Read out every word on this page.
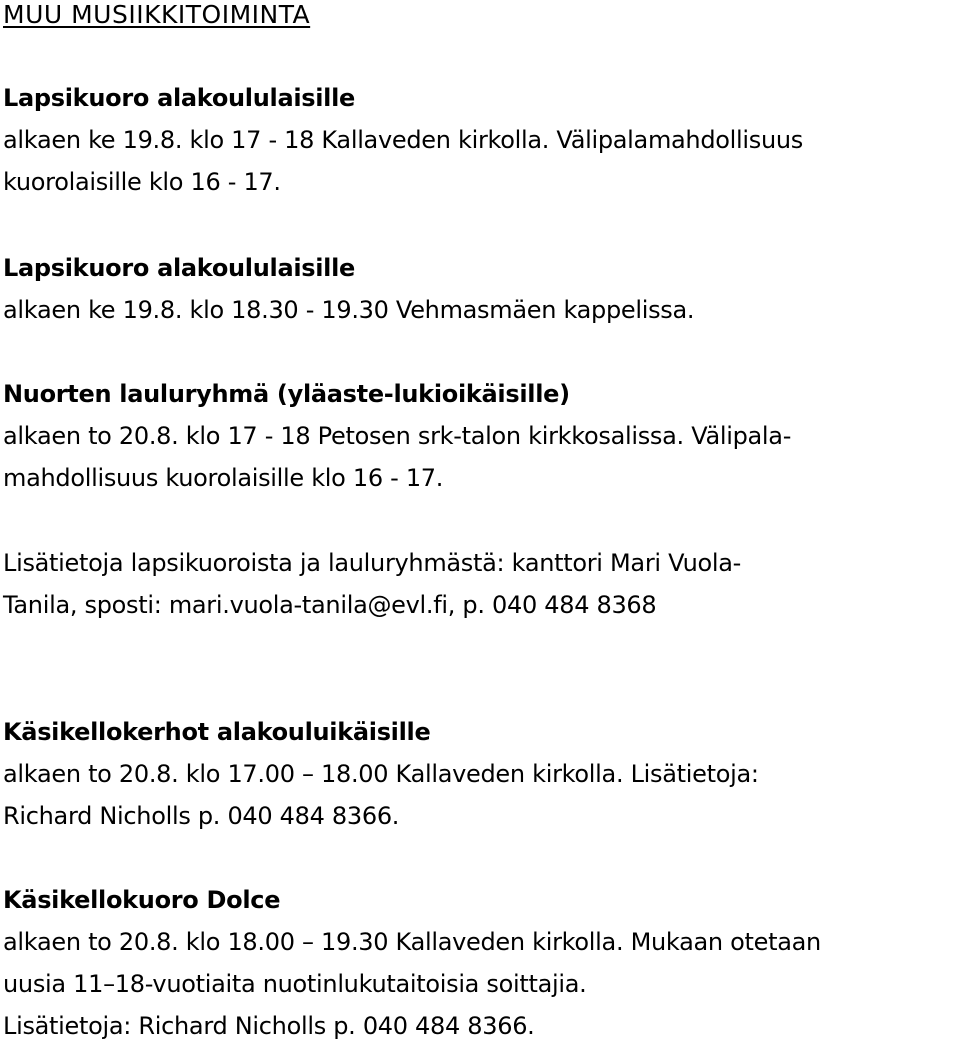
MUU MUSIIKKITOIMINTA
Lapsikuoro alakoululaisille
alkaen ke 19.8. klo 17 - 18 Kallaveden kirkolla. Välipalamahdollisuus
kuorolaisille klo 16 - 17.
Lapsikuoro alakoululaisille
alkaen ke 19.8. klo 18.30 - 19.30 Vehmasmäen kappelissa.
Nuorten lauluryhmä (yläaste-lukioikäisille)
alkaen to 20.8. klo 17 - 18 Petosen srk-talon kirkkosalissa. Välipala-
mahdollisuus kuorolaisille klo 16 - 17.
Lisätietoja lapsikuoroista ja lauluryhmästä: kanttori Mari Vuola-
Tanila, sposti: mari.vuola-tanila@evl.fi, p. 040 484 8368
Käsikellokerhot alakouluikäisille
alkaen to 20.8. klo 17.00 – 18.00 Kallaveden kirkolla. Lisätietoja:
Richard Nicholls p. 040 484 8366.
Käsikellokuoro Dolce
alkaen to 20.8. klo 18.00 – 19.30 Kallaveden kirkolla. Mukaan otetaan
uusia 11–18-vuotiaita nuotinlukutaitoisia soittajia.
Lisätietoja: Richard Nicholls p. 040 484 8366.
